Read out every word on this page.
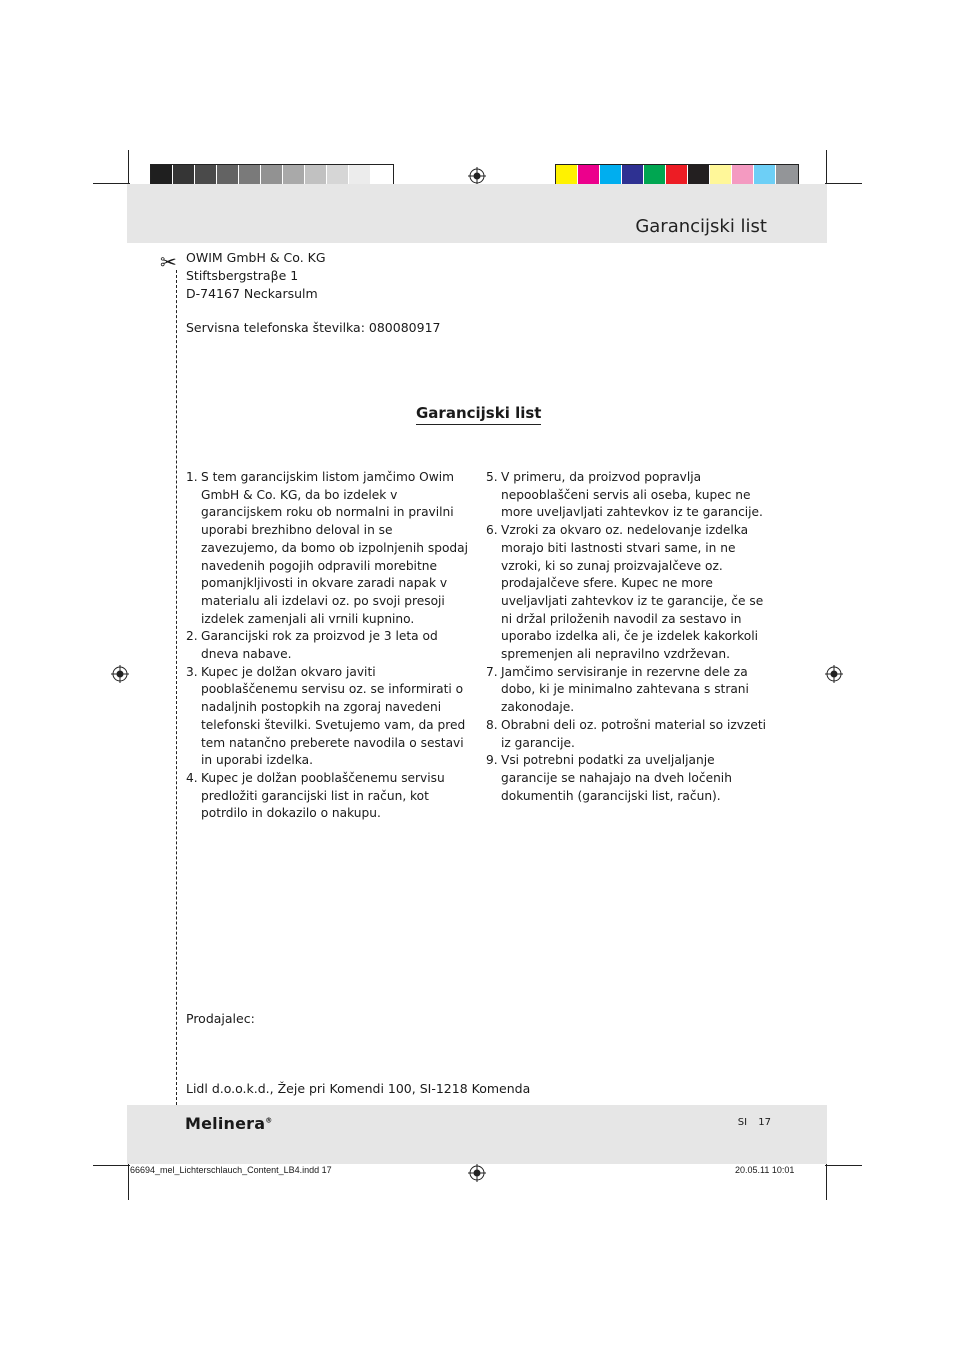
Garancijski list
✂ OWIM GmbH & Co. KG
Stiftsbergstraβe 1
D-74167 Neckarsulm
Servisna telefonska številka: 080080917
Garancijski list
1. S tem garancijskim listom jamčimo Owim GmbH & Co. KG, da bo izdelek v garancijskem roku ob normalni in pravilni uporabi brezhibno deloval in se zavezujemo, da bomo ob izpolnjenih spodaj navedenih pogojih odpravili morebitne pomanjkljivosti in okvare zaradi napak v materialu ali izdelavi oz. po svoji presoji izdelek zamenjali ali vrnili kupnino.
2. Garancijski rok za proizvod je 3 leta od dneva nabave.
3. Kupec je dolžan okvaro javiti pooblaščenemu servisu oz. se informirati o nadaljnih postopkih na zgoraj navedeni telefonski številki. Svetujemo vam, da pred tem natančno preberete navodila o sestavi in uporabi izdelka.
4. Kupec je dolžan pooblaščenemu servisu predložiti garancijski list in račun, kot potrdilo in dokazilo o nakupu.
5. V primeru, da proizvod popravlja nepooblaščeni servis ali oseba, kupec ne more uveljavljati zahtevkov iz te garancije.
6. Vzroki za okvaro oz. nedelovanje izdelka morajo biti lastnosti stvari same, in ne vzroki, ki so zunaj proizvajalčeve oz. prodajalčeve sfere. Kupec ne more uveljavljati zahtevkov iz te garancije, če se ni držal priloženih navodil za sestavo in uporabo izdelka ali, če je izdelek kakorkoli spremenjen ali nepravilno vzdrževan.
7. Jamčimo servisiranje in rezervne dele za dobo, ki je minimalno zahtevana s strani zakonodaje.
8. Obrabni deli oz. potrošni material so izvzeti iz garancije.
9. Vsi potrebni podatki za uveljaljanje garancije se nahajajo na dveh ločenih dokumentih (garancijski list, račun).
Prodajalec:
Lidl d.o.o.k.d., Žeje pri Komendi 100, SI-1218 Komenda
Melinera®	SI 17
66694_mel_Lichterschlauch_Content_LB4.indd 17	20.05.11 10:01
